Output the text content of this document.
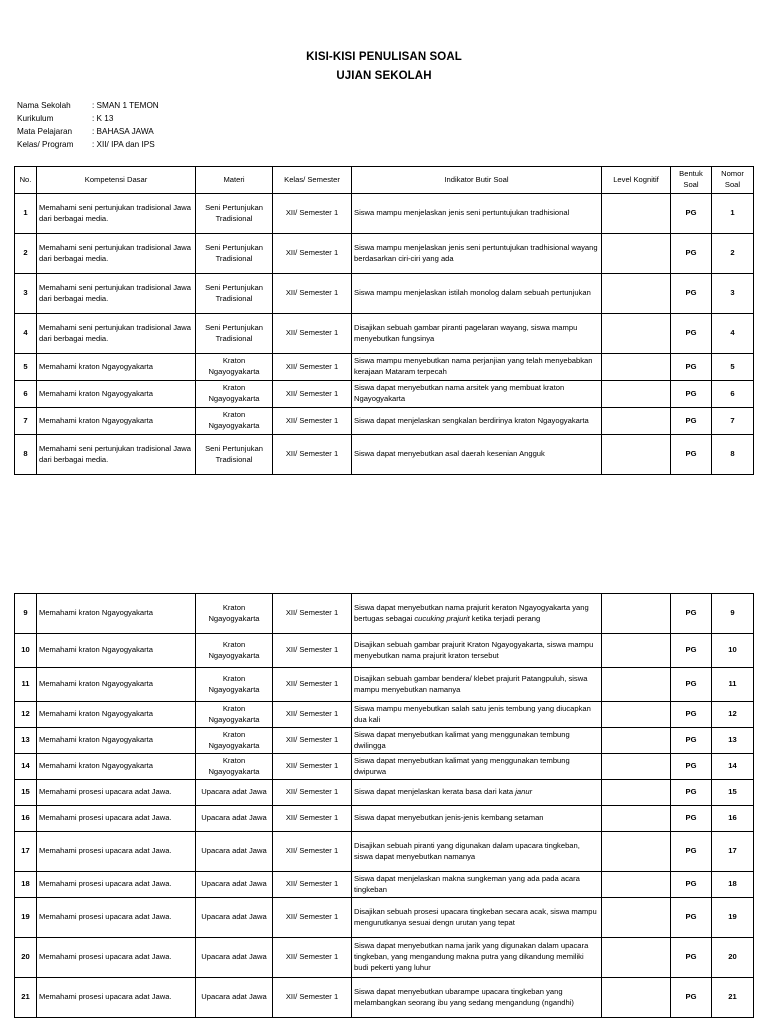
KISI-KISI PENULISAN SOAL
UJIAN SEKOLAH
Nama Sekolah	: SMAN 1 TEMON
Kurikulum	: K 13
Mata Pelajaran : BAHASA JAWA
Kelas/ Program : XII/ IPA dan IPS
No.	Kompetensi Dasar	Materi	Kelas/ Semester	Indikator Butir Soal	Level Kognitif	Bentuk Soal	Nomor Soal
1	Memahami seni pertunjukan tradisional Jawa dari berbagai media.	Seni Pertunjukan Tradisional	XII/ Semester 1	Siswa mampu menjelaskan jenis seni pertuntujukan tradhisional		PG	1
2	Memahami seni pertunjukan tradisional Jawa dari berbagai media.	Seni Pertunjukan Tradisional	XII/ Semester 1	Siswa mampu menjelaskan jenis seni pertuntujukan tradhisional wayang berdasarkan ciri-ciri yang ada		PG	2
3	Memahami seni pertunjukan tradisional Jawa dari berbagai media.	Seni Pertunjukan Tradisional	XII/ Semester 1	Siswa mampu menjelaskan istilah monolog dalam sebuah pertunjukan		PG	3
4	Memahami seni pertunjukan tradisional Jawa dari berbagai media.	Seni Pertunjukan Tradisional	XII/ Semester 1	Disajikan sebuah gambar piranti pagelaran wayang, siswa mampu menyebutkan fungsinya		PG	4
5	Memahami kraton Ngayogyakarta	Kraton Ngayogyakarta	XII/ Semester 1	Siswa mampu menyebutkan nama perjanjian yang telah menyebabkan kerajaan Mataram terpecah		PG	5
6	Memahami kraton Ngayogyakarta	Kraton Ngayogyakarta	XII/ Semester 1	Siswa dapat menyebutkan nama arsitek yang membuat kraton Ngayogyakarta		PG	6
7	Memahami kraton Ngayogyakarta	Kraton Ngayogyakarta	XII/ Semester 1	Siswa dapat menjelaskan sengkalan berdirinya kraton Ngayogyakarta		PG	7
8	Memahami seni pertunjukan tradisional Jawa dari berbagai media.	Seni Pertunjukan Tradisional	XII/ Semester 1	Siswa dapat menyebutkan asal daerah kesenian Angguk		PG	8
9	Memahami kraton Ngayogyakarta	Kraton Ngayogyakarta	XII/ Semester 1	Siswa dapat menyebutkan nama prajurit keraton Ngayogyakarta yang bertugas sebagai cucuking prajurit ketika terjadi perang		PG	9
10	Memahami kraton Ngayogyakarta	Kraton Ngayogyakarta	XII/ Semester 1	Disajikan sebuah gambar prajurit Kraton Ngayogyakarta, siswa mampu menyebutkan nama prajurit kraton tersebut		PG	10
11	Memahami kraton Ngayogyakarta	Kraton Ngayogyakarta	XII/ Semester 1	Disajikan sebuah gambar bendera/ klebet prajurit Patangpuluh, siswa mampu menyebutkan namanya		PG	11
12	Memahami kraton Ngayogyakarta	Kraton Ngayogyakarta	XII/ Semester 1	Siswa mampu menyebutkan salah satu jenis tembung yang diucapkan dua kali		PG	12
13	Memahami kraton Ngayogyakarta	Kraton Ngayogyakarta	XII/ Semester 1	Siswa dapat menyebutkan kalimat yang menggunakan tembung dwilingga		PG	13
14	Memahami kraton Ngayogyakarta	Kraton Ngayogyakarta	XII/ Semester 1	Siswa dapat menyebutkan kalimat yang menggunakan tembung dwipurwa		PG	14
15	Memahami prosesi upacara adat Jawa.	Upacara adat Jawa	XII/ Semester 1	Siswa dapat menjelaskan kerata basa dari kata janur		PG	15
16	Memahami prosesi upacara adat Jawa.	Upacara adat Jawa	XII/ Semester 1	Siswa dapat menyebutkan jenis-jenis kembang setaman		PG	16
17	Memahami prosesi upacara adat Jawa.	Upacara adat Jawa	XII/ Semester 1	Disajikan sebuah piranti yang digunakan dalam upacara tingkeban, siswa dapat menyebutkan namanya		PG	17
18	Memahami prosesi upacara adat Jawa.	Upacara adat Jawa	XII/ Semester 1	Siswa dapat menjelaskan makna sungkeman yang ada pada acara tingkeban		PG	18
19	Memahami prosesi upacara adat Jawa.	Upacara adat Jawa	XII/ Semester 1	Disajikan sebuah prosesi upacara tingkeban secara acak, siswa mampu mengurutkanya sesuai dengn urutan yang tepat		PG	19
20	Memahami prosesi upacara adat Jawa.	Upacara adat Jawa	XII/ Semester 1	Siswa dapat menyebutkan nama jarik yang digunakan dalam upacara tingkeban, yang mengandung makna putra yang dikandung memiliki budi pekerti yang luhur		PG	20
21	Memahami prosesi upacara adat Jawa.	Upacara adat Jawa	XII/ Semester 1	Siswa dapat menyebutkan ubarampe upacara tingkeban yang melambangkan seorang ibu yang sedang mengandung (ngandhi)		PG	21
